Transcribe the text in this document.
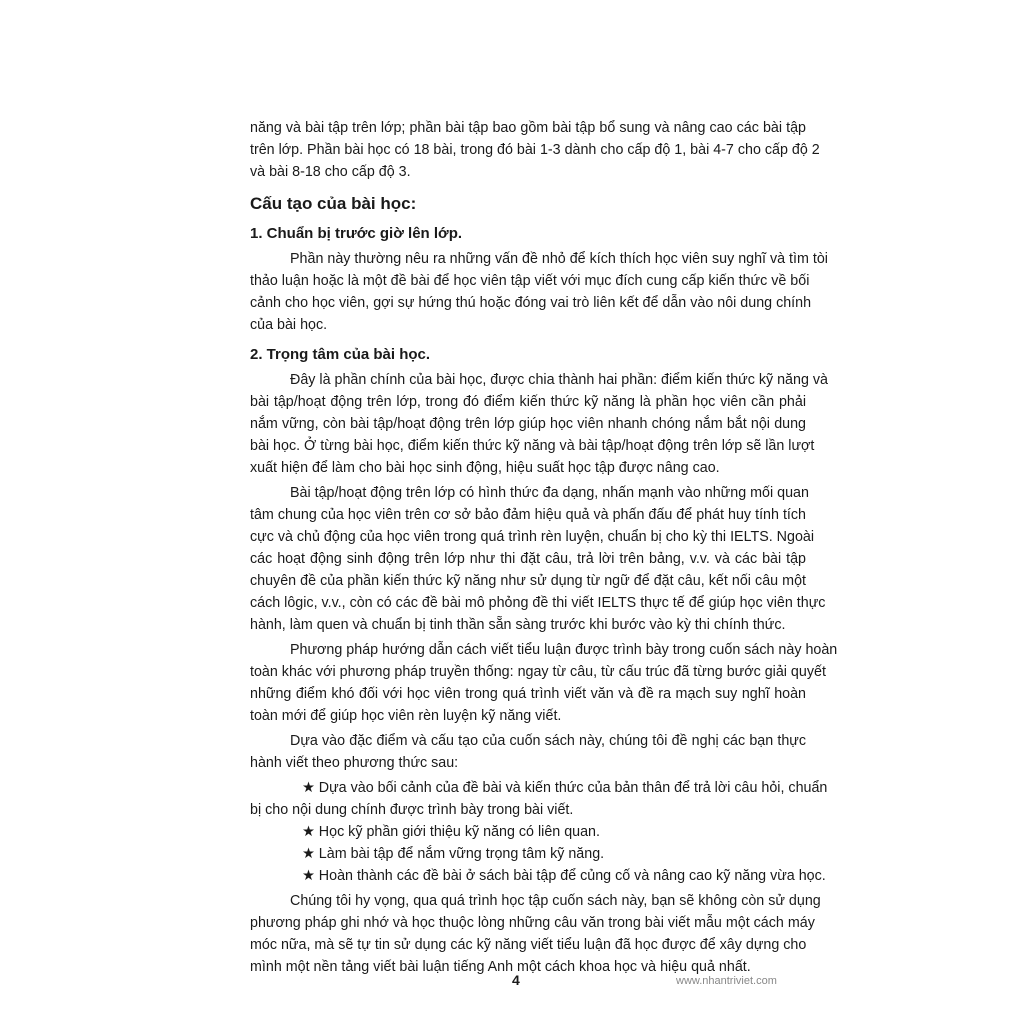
năng và bài tập trên lớp; phần bài tập bao gồm bài tập bổ sung và nâng cao các bài tập
trên lớp. Phần bài học có 18 bài, trong đó bài 1-3 dành cho cấp độ 1, bài 4-7 cho cấp độ 2
và bài 8-18 cho cấp độ 3.
Cấu tạo của bài học:
1. Chuẩn bị trước giờ lên lớp.
Phần này thường nêu ra những vấn đề nhỏ để kích thích học viên suy nghĩ và tìm tòi
thảo luận hoặc là một đề bài để học viên tập viết với mục đích cung cấp kiến thức về bối
cảnh cho học viên, gợi sự hứng thú hoặc đóng vai trò liên kết để dẫn vào nôi dung chính
của bài học.
2. Trọng tâm của bài học.
Đây là phần chính của bài học, được chia thành hai phần: điểm kiến thức kỹ năng và
bài tập/hoạt động trên lớp, trong đó điểm kiến thức kỹ năng là phần học viên cần phải
nắm vững, còn bài tập/hoạt động trên lớp giúp học viên nhanh chóng nắm bắt nội dung
bài học. Ở từng bài học, điểm kiến thức kỹ năng và bài tập/hoạt động trên lớp sẽ lần lượt
xuất hiện để làm cho bài học sinh động, hiệu suất học tập được nâng cao.
Bài tập/hoạt động trên lớp có hình thức đa dạng, nhấn mạnh vào những mối quan
tâm chung của học viên trên cơ sở bảo đảm hiệu quả và phấn đấu để phát huy tính tích
cực và chủ động của học viên trong quá trình rèn luyện, chuẩn bị cho kỳ thi IELTS. Ngoài
các hoạt động sinh động trên lớp như thi đặt câu, trả lời trên bảng, v.v. và các bài tập
chuyên đề của phần kiến thức kỹ năng như sử dụng từ ngữ để đặt câu, kết nối câu một
cách lôgic, v.v., còn có các đề bài mô phỏng đề thi viết IELTS thực tế để giúp học viên thực
hành, làm quen và chuẩn bị tinh thần sẵn sàng trước khi bước vào kỳ thi chính thức.
Phương pháp hướng dẫn cách viết tiểu luận được trình bày trong cuốn sách này hoàn
toàn khác với phương pháp truyền thống: ngay từ câu, từ cấu trúc đã từng bước giải quyết
những điểm khó đối với học viên trong quá trình viết văn và đề ra mạch suy nghĩ hoàn
toàn mới để giúp học viên rèn luyện kỹ năng viết.
Dựa vào đặc điểm và cấu tạo của cuốn sách này, chúng tôi đề nghị các bạn thực
hành viết theo phương thức sau:
★ Dựa vào bối cảnh của đề bài và kiến thức của bản thân để trả lời câu hỏi, chuẩn
bị cho nội dung chính được trình bày trong bài viết.
★ Học kỹ phần giới thiệu kỹ năng có liên quan.
★ Làm bài tập để nắm vững trọng tâm kỹ năng.
★ Hoàn thành các đề bài ở sách bài tập để củng cố và nâng cao kỹ năng vừa học.
Chúng tôi hy vọng, qua quá trình học tập cuốn sách này, bạn sẽ không còn sử dụng
phương pháp ghi nhớ và học thuộc lòng những câu văn trong bài viết mẫu một cách máy
móc nữa, mà sẽ tự tin sử dụng các kỹ năng viết tiểu luận đã học được để xây dựng cho
mình một nền tảng viết bài luận tiếng Anh một cách khoa học và hiệu quả nhất.
4	www.nhantriviet.com
